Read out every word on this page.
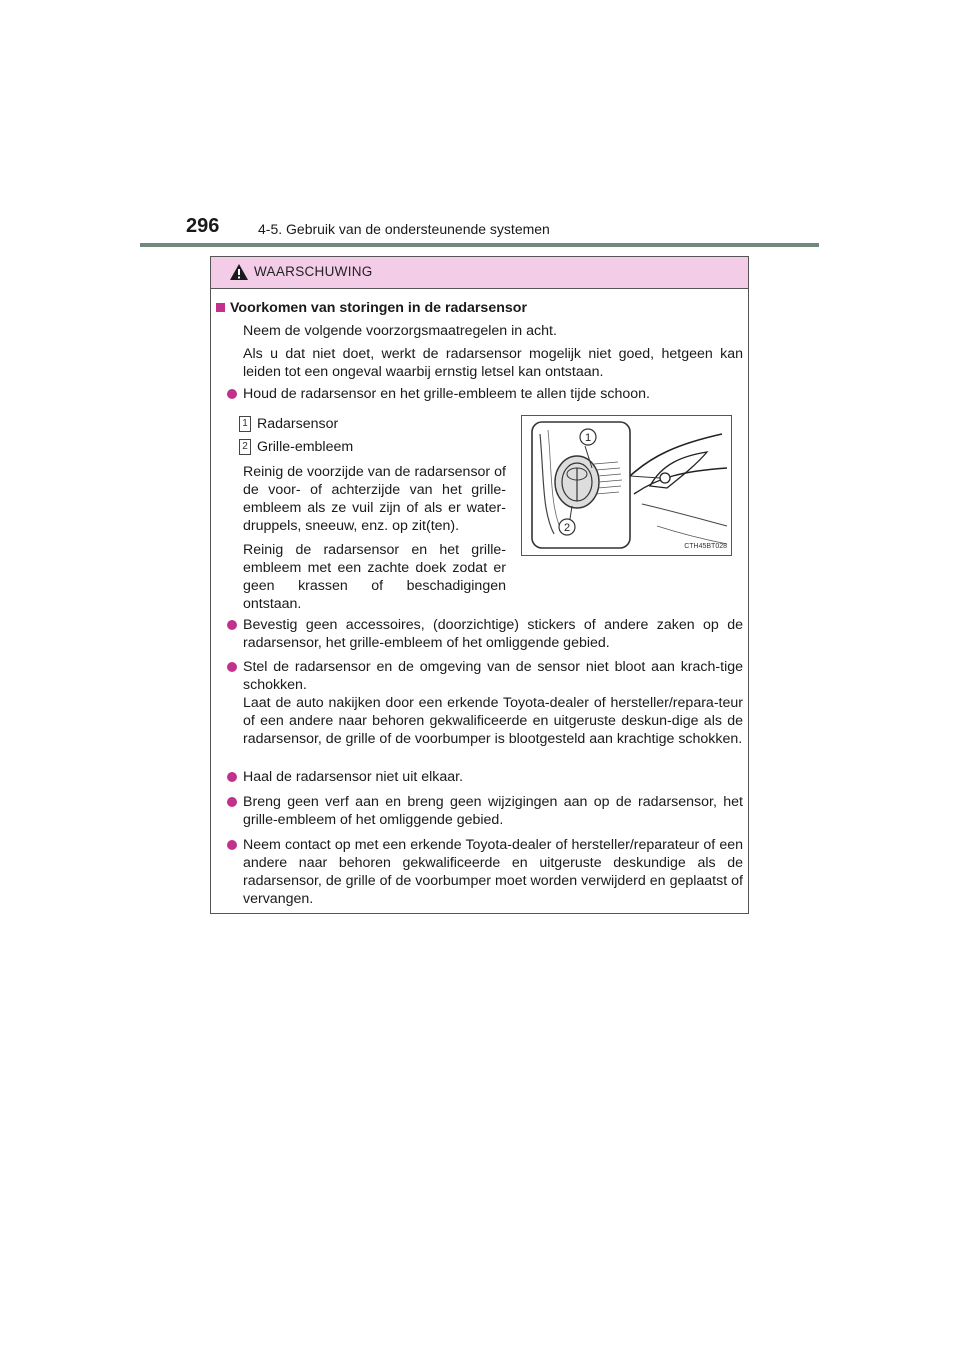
296	4-5. Gebruik van de ondersteunende systemen
WAARSCHUWING
Voorkomen van storingen in de radarsensor
Neem de volgende voorzorgsmaatregelen in acht.
Als u dat niet doet, werkt de radarsensor mogelijk niet goed, hetgeen kan leiden tot een ongeval waarbij ernstig letsel kan ontstaan.
Houd de radarsensor en het grille-embleem te allen tijde schoon.
1 Radarsensor
2 Grille-embleem
Reinig de voorzijde van de radarsensor of de voor- of achterzijde van het grille-embleem als ze vuil zijn of als er water-druppels, sneeuw, enz. op zit(ten).
Reinig de radarsensor en het grille-embleem met een zachte doek zodat er geen krassen of beschadigingen ontstaan.
Bevestig geen accessoires, (doorzichtige) stickers of andere zaken op de radarsensor, het grille-embleem of het omliggende gebied.
Stel de radarsensor en de omgeving van de sensor niet bloot aan krach-tige schokken.
Laat de auto nakijken door een erkende Toyota-dealer of hersteller/repara-teur of een andere naar behoren gekwalificeerde en uitgeruste deskun-dige als de radarsensor, de grille of de voorbumper is blootgesteld aan krachtige schokken.
Haal de radarsensor niet uit elkaar.
Breng geen verf aan en breng geen wijzigingen aan op de radarsensor, het grille-embleem of het omliggende gebied.
Neem contact op met een erkende Toyota-dealer of hersteller/reparateur of een andere naar behoren gekwalificeerde en uitgeruste deskundige als de radarsensor, de grille of de voorbumper moet worden verwijderd en geplaatst of vervangen.
1
2
CTH45BT028
